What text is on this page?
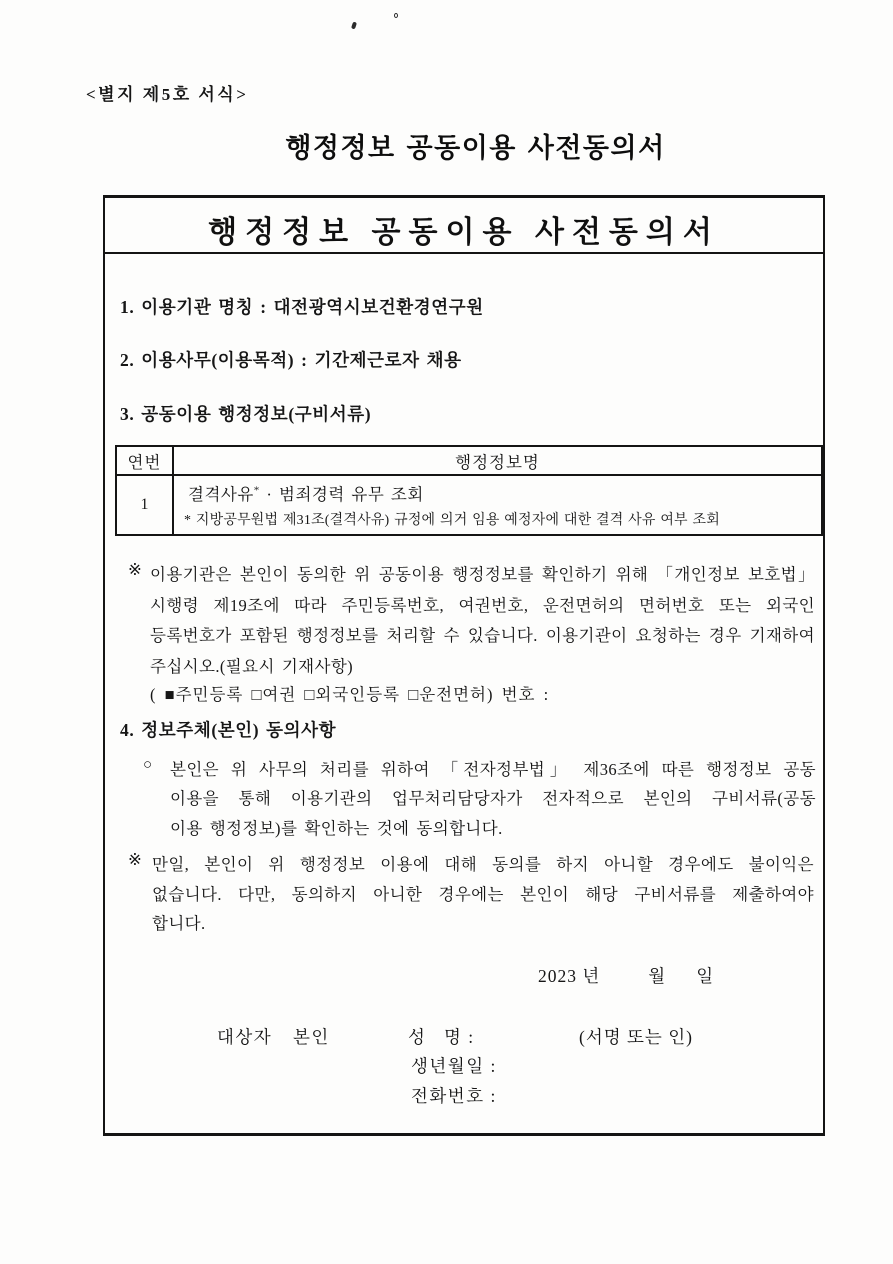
<별지 제5호 서식>
행정정보 공동이용 사전동의서
행정정보 공동이용 사전동의서
1. 이용기관 명칭 : 대전광역시보건환경연구원
2. 이용사무(이용목적) : 기간제근로자 채용
3. 공동이용 행정정보(구비서류)
연번	행정정보명
1	결격사유* · 범죄경력 유무 조회
* 지방공무원법 제31조(결격사유) 규정에 의거 임용 예정자에 대한 결격 사유 여부 조회
※ 이용기관은 본인이 동의한 위 공동이용 행정정보를 확인하기 위해 「개인정보 보호법」
시행령 제19조에 따라 주민등록번호, 여권번호, 운전면허의 면허번호 또는 외국인
등록번호가 포함된 행정정보를 처리할 수 있습니다. 이용기관이 요청하는 경우 기재하여
주십시오.(필요시 기재사항)
( ■주민등록 □여권 □외국인등록 □운전면허) 번호 :
4. 정보주체(본인) 동의사항
○ 본인은 위 사무의 처리를 위하여 「전자정부법」 제36조에 따른 행정정보 공동
이용을 통해 이용기관의 업무처리담당자가 전자적으로 본인의 구비서류(공동
이용 행정정보)를 확인하는 것에 동의합니다.
※ 만일, 본인이 위 행정정보 이용에 대해 동의를 하지 아니할 경우에도 불이익은
없습니다. 다만, 동의하지 아니한 경우에는 본인이 해당 구비서류를 제출하여야
합니다.
2023 년	월 일
대상자 본인	성 명 :	(서명 또는 인)
생년월일 :
전화번호 :
